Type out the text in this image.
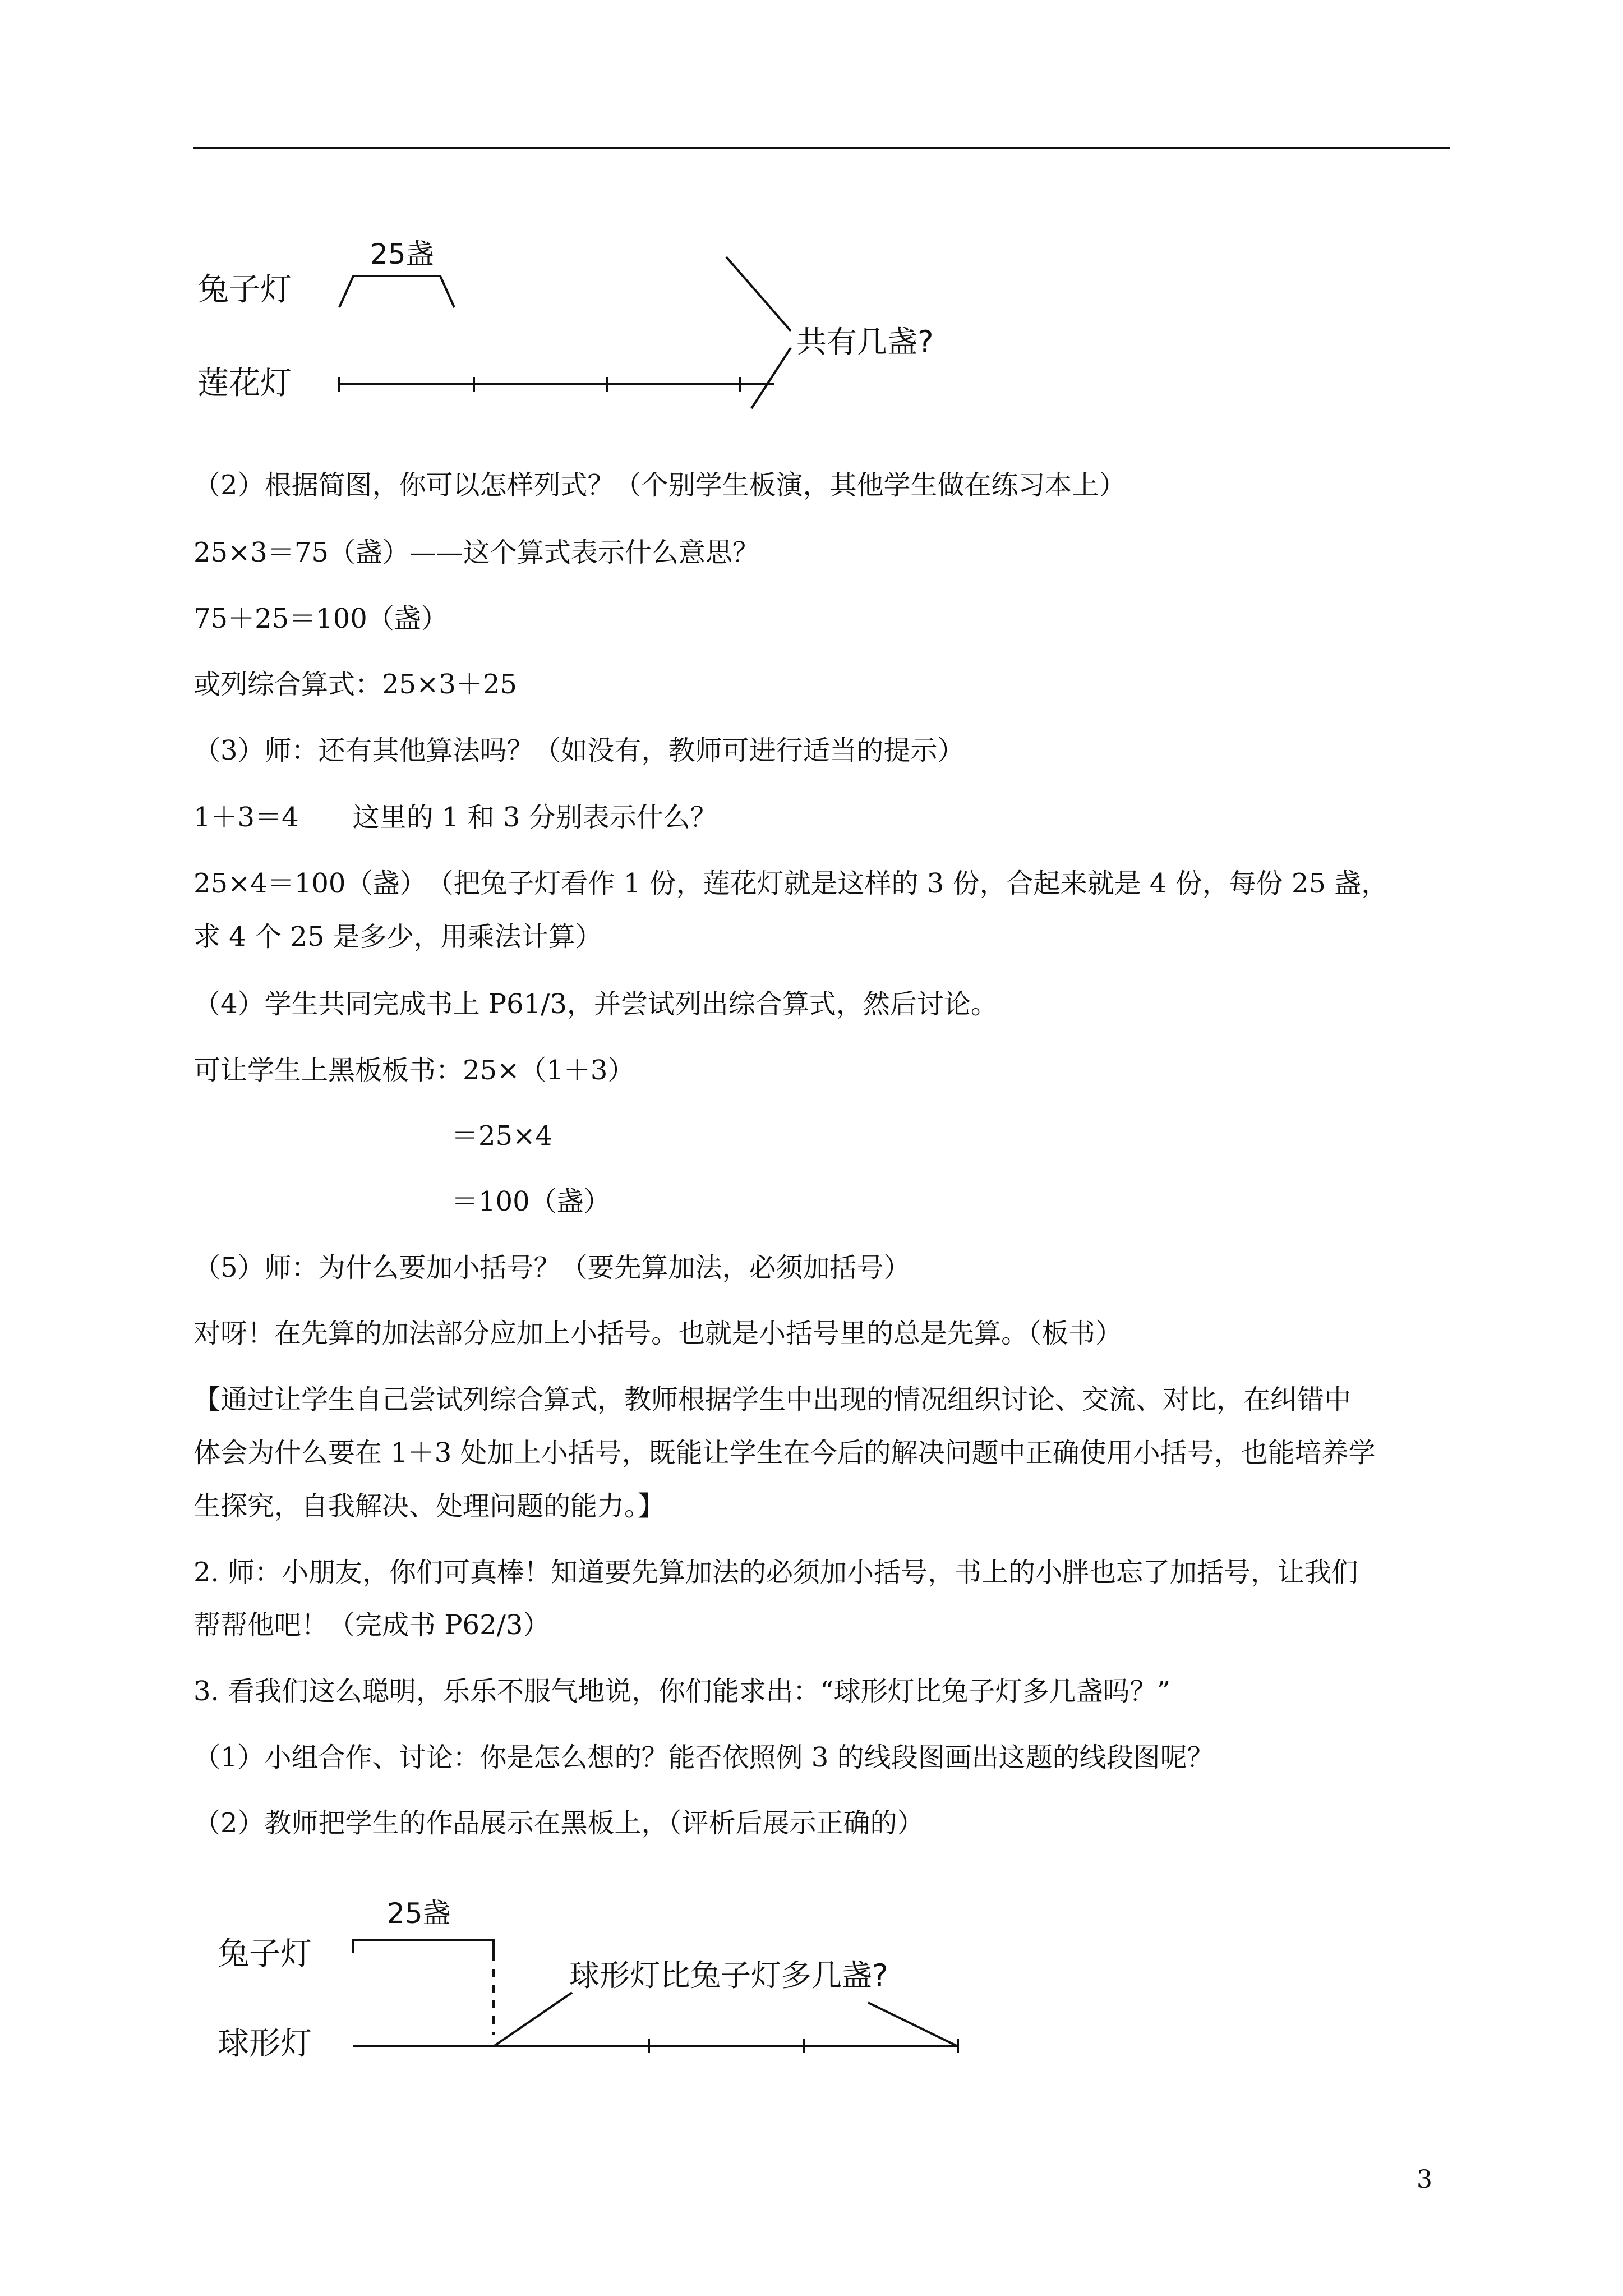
兔子灯
莲花灯
25盏
共有几盏?
（2）根据简图，你可以怎样列式？（个别学生板演，其他学生做在练习本上）
25×3＝75（盏）——这个算式表示什么意思？
75＋25＝100（盏）
或列综合算式：25×3＋25
（3）师：还有其他算法吗？（如没有，教师可进行适当的提示）
1＋3＝4　　这里的 1 和 3 分别表示什么？
25×4＝100（盏）　（把兔子灯看作 1 份，莲花灯就是这样的 3 份，合起来就是 4 份，每份 25 盏，
求 4 个 25 是多少，用乘法计算）
（4）学生共同完成书上 P61/3，并尝试列出综合算式，然后讨论。
可让学生上黑板板书：25×（1＋3）
＝25×4
＝100（盏）
（5）师：为什么要加小括号？（要先算加法，必须加括号）
对呀！在先算的加法部分应加上小括号。也就是小括号里的总是先算。（板书）
【通过让学生自己尝试列综合算式，教师根据学生中出现的情况组织讨论、交流、对比，在纠错中
体会为什么要在 1＋3 处加上小括号，既能让学生在今后的解决问题中正确使用小括号，也能培养学
生探究，自我解决、处理问题的能力。】
2. 师：小朋友，你们可真棒！知道要先算加法的必须加小括号，书上的小胖也忘了加括号，让我们
帮帮他吧！（完成书 P62/3）
3. 看我们这么聪明，乐乐不服气地说，你们能求出：“球形灯比兔子灯多几盏吗？”
（1）小组合作、讨论：你是怎么想的？能否依照例 3 的线段图画出这题的线段图呢？
（2）教师把学生的作品展示在黑板上，（评析后展示正确的）
兔子灯
球形灯
25盏
球形灯比兔子灯多几盏?
3
